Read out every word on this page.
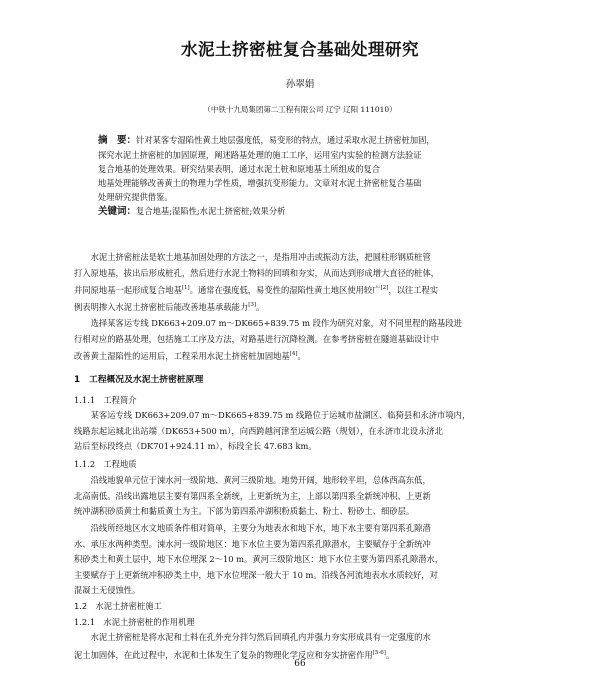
水泥土挤密桩复合基础处理研究
孙翠娟
（中铁十九局集团第二工程有限公司 辽宁 辽阳 111010）
摘　要：针对某客专湿陷性黄土地层强度低，易变形的特点，通过采取水泥土挤密桩加固，
探究水泥土挤密桩的加固原理，阐述路基处理的施工工序，运用室内实验的检测方法验证
复合地基的处理效果。研究结果表明，通过水泥土桩和原地基土所组成的复合
地基处理能够改善黄土的物理力学性质，增强抗变形能力。文章对水泥土挤密桩复合基础
处理研究提供借鉴。
关键词：复合地基;湿陷性;水泥土挤密桩;效果分析
水泥土挤密桩法是软土地基加固处理的方法之一，是指用冲击或振动方法，把圆柱形钢质桩管
打入原地基，拔出后形成桩孔，然后进行水泥土物料的回填和夯实，从而达到形成增大直径的桩体，
并同原地基一起形成复合地基[1]。通常在强度低，易变性的湿陷性黄土地区使用较广[2]，以往工程实
例表明掺入水泥土挤密桩后能改善地基承载能力[3]。
选择某客运专线 DK663+209.07 m～DK665+839.75 m 段作为研究对象，对不同里程的路基段进
行相对应的路基处理，包括施工工序及方法，对路基进行沉降检测。在参考挤密桩在隧道基础设计中
改善黄土湿陷性的运用后，工程采用水泥土挤密桩加固地基[4]。
1　工程概况及水泥土挤密桩原理
1.1.1　工程简介
某客运专线 DK663+209.07 m～DK665+839.75 m 线路位于运城市盐湖区、临猗县和永济市境内，
线路东起运城北出站端（DK653+500 m），向西跨越河津至运城公路（规划），在永济市北设永济北
站后至标段终点（DK701+924.11 m），标段全长 47.683 km。
1.1.2　工程地质
沿线地貌单元位于涑水河一级阶地、黄河三级阶地。地势开阔，地形较平坦，总体西高东低，
北高南低。沿线出露地层主要有第四系全新统，上更新统为主，上部以第四系全新统冲积、上更新
统冲湖积砂质黄土和黏质黄土为主。下部为第四系冲湖积粉质黏土、粉土、粉砂土、细砂层。
沿线所经地区水文地质条件相对简单，主要分为地表水和地下水，地下水主要有第四系孔隙潜
水、承压水两种类型。涑水河一级阶地区：地下水位主要为第四系孔隙潜水，主要赋存于全新统冲
积砂类土和黄土层中，地下水位埋深 2～10 m。黄河三级阶地区：地下水位主要为第四系孔隙潜水，
主要赋存于上更新统冲积砂类土中，地下水位埋深一般大于 10 m。沿线各河流地表水水质较好，对
混凝土无侵蚀性。
1.2　水泥土挤密桩施工
1.2.1　水泥土挤密桩的作用机理
水泥土挤密桩是将水泥和土料在孔外充分拌匀然后回填孔内并强力夯实形成具有一定强度的水
泥土加固体，在此过程中，水泥和土体发生了复杂的物理化学反应和夯实挤密作用[5-6]。
66
